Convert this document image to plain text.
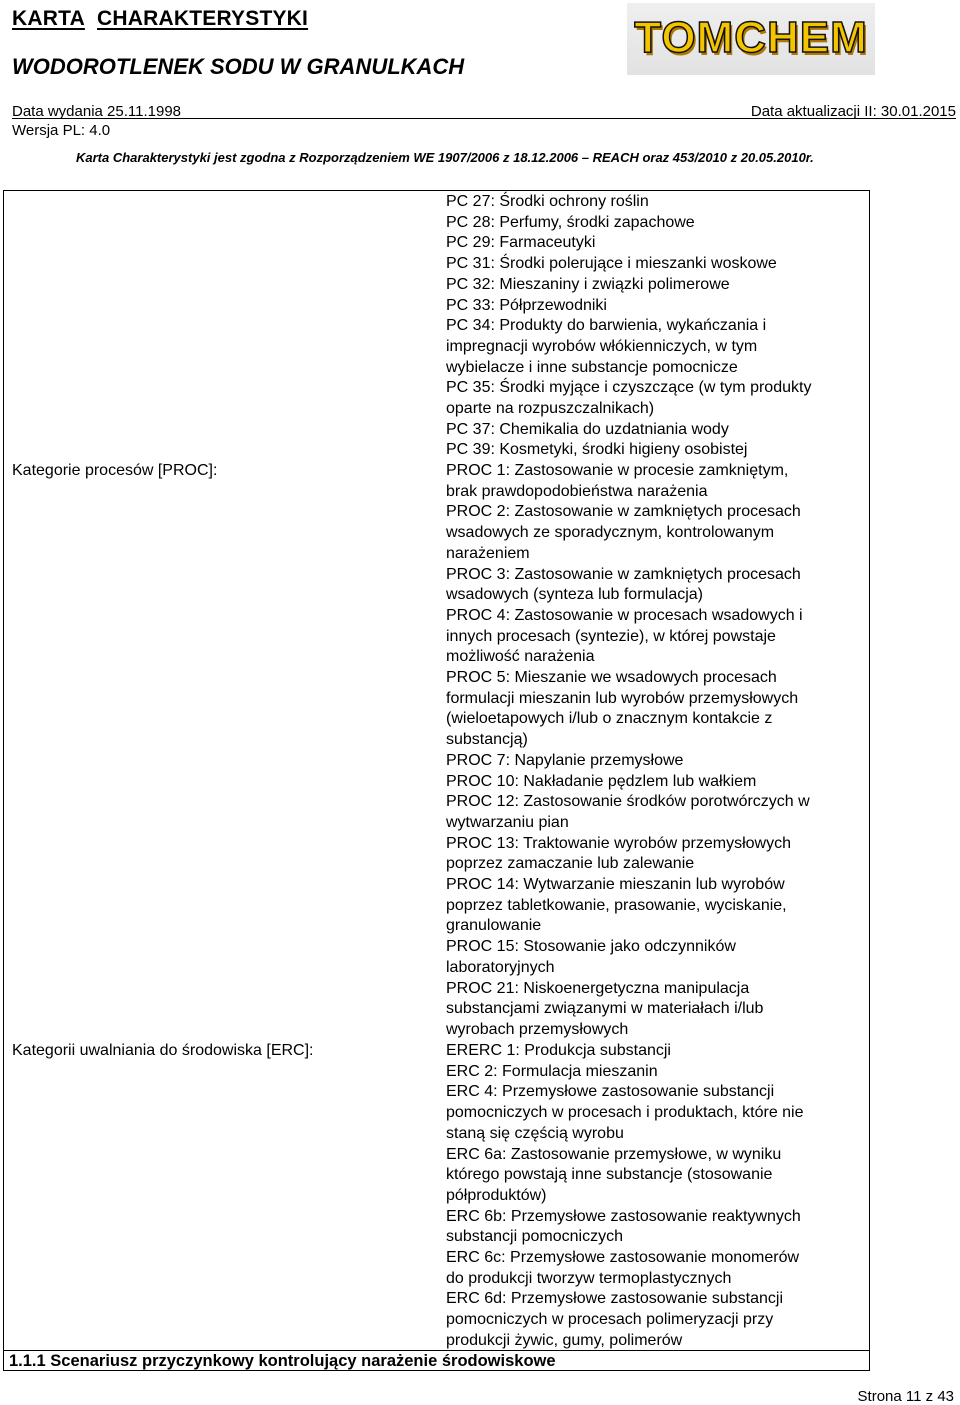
KARTA CHARAKTERYSTYKI
WODOROTLENEK SODU W GRANULKACH
TOMCHEM
Data wydania 25.11.1998	Data aktualizacji II: 30.01.2015
Wersja PL: 4.0
Karta Charakterystyki jest zgodna z Rozporządzeniem WE 1907/2006 z 18.12.2006 – REACH oraz 453/2010 z 20.05.2010r.
PC 27: Środki ochrony roślin
PC 28: Perfumy, środki zapachowe
PC 29: Farmaceutyki
PC 31: Środki polerujące i mieszanki woskowe
PC 32: Mieszaniny i związki polimerowe
PC 33: Półprzewodniki
PC 34: Produkty do barwienia, wykańczania i
impregnacji wyrobów włókienniczych, w tym
wybielacze i inne substancje pomocnicze
PC 35: Środki myjące i czyszczące (w tym produkty
oparte na rozpuszczalnikach)
PC 37: Chemikalia do uzdatniania wody
PC 39: Kosmetyki, środki higieny osobistej
PROC 1: Zastosowanie w procesie zamkniętym,
brak prawdopodobieństwa narażenia
PROC 2: Zastosowanie w zamkniętych procesach
wsadowych ze sporadycznym, kontrolowanym
narażeniem
PROC 3: Zastosowanie w zamkniętych procesach
wsadowych (synteza lub formulacja)
PROC 4: Zastosowanie w procesach wsadowych i
innych procesach (syntezie), w której powstaje
możliwość narażenia
PROC 5: Mieszanie we wsadowych procesach
formulacji mieszanin lub wyrobów przemysłowych
(wieloetapowych i/lub o znacznym kontakcie z
substancją)
PROC 7: Napylanie przemysłowe
PROC 10: Nakładanie pędzlem lub wałkiem
PROC 12: Zastosowanie środków porotwórczych w
wytwarzaniu pian
PROC 13: Traktowanie wyrobów przemysłowych
poprzez zamaczanie lub zalewanie
PROC 14: Wytwarzanie mieszanin lub wyrobów
poprzez tabletkowanie, prasowanie, wyciskanie,
granulowanie
PROC 15: Stosowanie jako odczynników
laboratoryjnych
PROC 21: Niskoenergetyczna manipulacja
substancjami związanymi w materiałach i/lub
wyrobach przemysłowych
ERERC 1: Produkcja substancji
ERC 2: Formulacja mieszanin
ERC 4: Przemysłowe zastosowanie substancji
pomocniczych w procesach i produktach, które nie
staną się częścią wyrobu
ERC 6a: Zastosowanie przemysłowe, w wyniku
którego powstają inne substancje (stosowanie
półproduktów)
ERC 6b: Przemysłowe zastosowanie reaktywnych
substancji pomocniczych
ERC 6c: Przemysłowe zastosowanie monomerów
do produkcji tworzyw termoplastycznych
ERC 6d: Przemysłowe zastosowanie substancji
pomocniczych w procesach polimeryzacji przy
produkcji żywic, gumy, polimerów
Kategorie procesów [PROC]:
Kategorii uwalniania do środowiska [ERC]:
1.1.1 Scenariusz przyczynkowy kontrolujący narażenie środowiskowe
Strona 11 z 43
